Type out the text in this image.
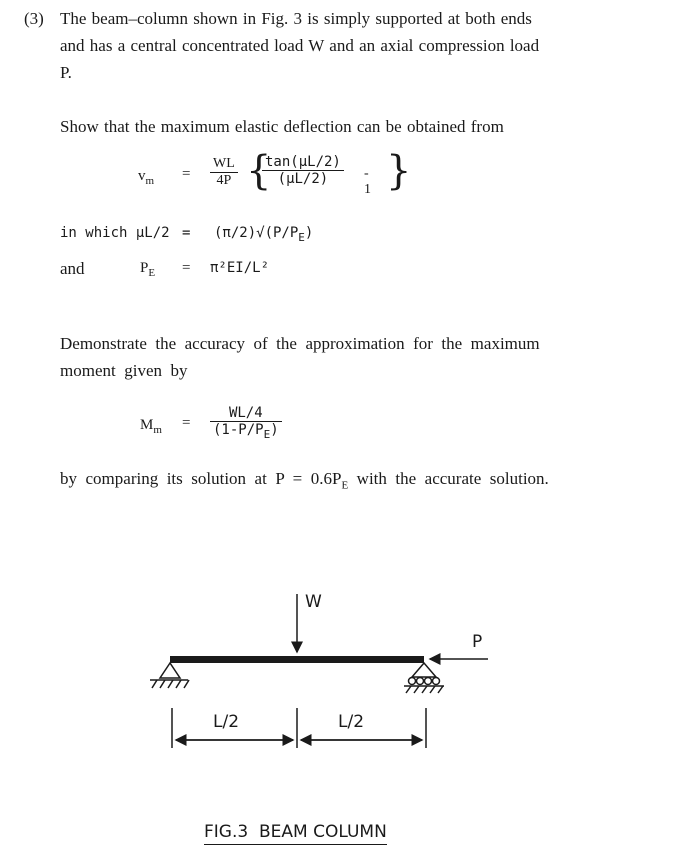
(3) The beam–column shown in Fig. 3 is simply supported at both ends
and has a central concentrated load W and an axial compression load
P.
Show that the maximum elastic deflection can be obtained from
$v_m = \frac{WL}{4P}$ {
$\frac{\tan(\mu L/2)}{(\mu L/2)} - 1$ }
in which $\mu L/2 = (\pi/2)√(P/P_E)$
and	$P_E = \pi^2EI/L^2$
Demonstrate  the  accuracy  of  the  approximation  for  the  maximum
moment  given  by
$M_m = \frac{WL/4}{(1-P/P_E)}$
by  comparing  its  solution  at  $P = 0.6P_E$  with  the  accurate  solution.
W
P
L/2	L/2
FIG.3  BEAM COLUMN
